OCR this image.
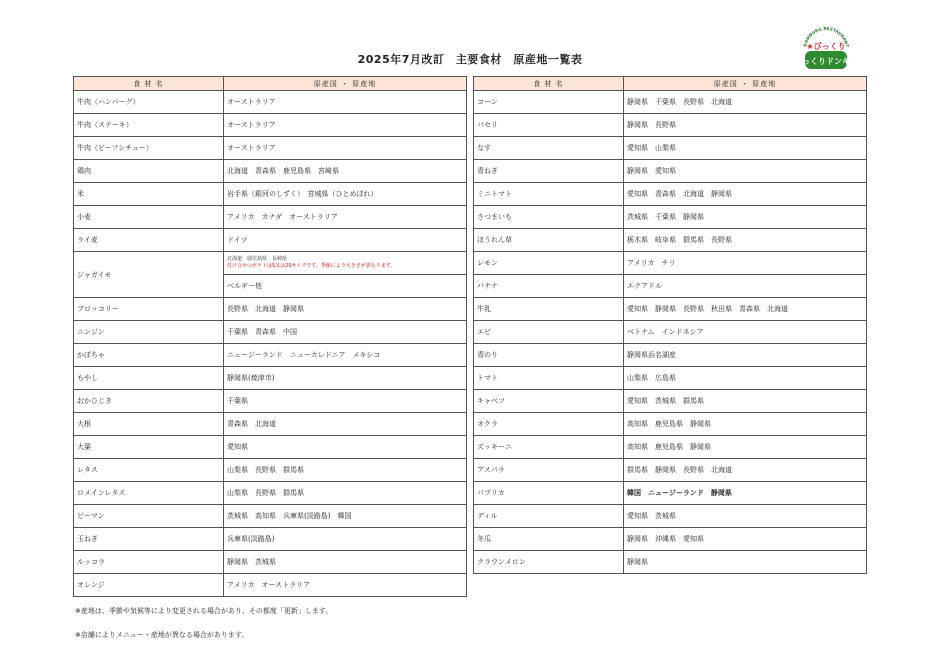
2025年7月改訂　主要食材　原産地一覧表
HAMBURG RESTAURANT
★びっくり
っくりドンキ
食 材 名	原産国 ・ 原産地
牛肉（ハンバーグ）	オーストラリア
牛肉（ステーキ）	オーストラリア
牛肉（ビーフシチュー）	オーストラリア
鶏肉	北海道　青森県　鹿児島県　宮崎県
米	岩手県（銀河のしずく）　宮城県（ひとめぼれ）
小麦	アメリカ　カナダ　オーストラリア
ライ麦	ドイツ
ジャガイモ	北海道　鹿児島県　長崎県
付け合せのポテトはS又は2Sサイズです。季節により大きさが異なります。

	ベルギー他
ブロッコリー	長野県　北海道　静岡県
ニンジン	千葉県　青森県　中国
かぼちゃ	ニュージーランド　ニューカレドニア　メキシコ
もやし	静岡県(焼津市)
おかひじき	千葉県
大根	青森県　北海道
大葉	愛知県
レタス	山梨県　長野県　群馬県
ロメインレタス	山梨県　長野県　群馬県
ピーマン	茨城県　高知県　兵庫県(淡路島)　韓国
玉ねぎ	兵庫県(淡路島)
ルッコラ	静岡県　茨城県
オレンジ	アメリカ　オーストラリア
食 材 名	原産国 ・ 原産地
コーン	静岡県　千葉県　長野県　北海道
パセリ	静岡県　長野県
なす	愛知県　山梨県
青ねぎ	静岡県　愛知県
ミニトマト	愛知県　青森県　北海道　静岡県
さつまいも	茨城県　千葉県　静岡県
ほうれん草	栃木県　岐阜県　群馬県　長野県
レモン	アメリカ　チリ
バナナ	エクアドル
牛乳	愛知県　静岡県　長野県　秋田県　青森県　北海道
エビ	ベトナム　インドネシア
青のり	静岡県浜名湖産
トマト	山梨県　広島県
キャベツ	愛知県　茨城県　群馬県
オクラ	高知県　鹿児島県　静岡県
ズッキーニ	高知県　鹿児島県　静岡県
アスパラ	群馬県　静岡県　長野県　北海道
パプリカ	韓国　ニュージーランド　静岡県
ディル	愛知県　茨城県
冬瓜	静岡県　沖縄県　愛知県
クラウンメロン	静岡県
※産地は、季節や気候等により変更される場合があり、その都度「更新」します。
※店舗によりメニュー・産地が異なる場合があります。
